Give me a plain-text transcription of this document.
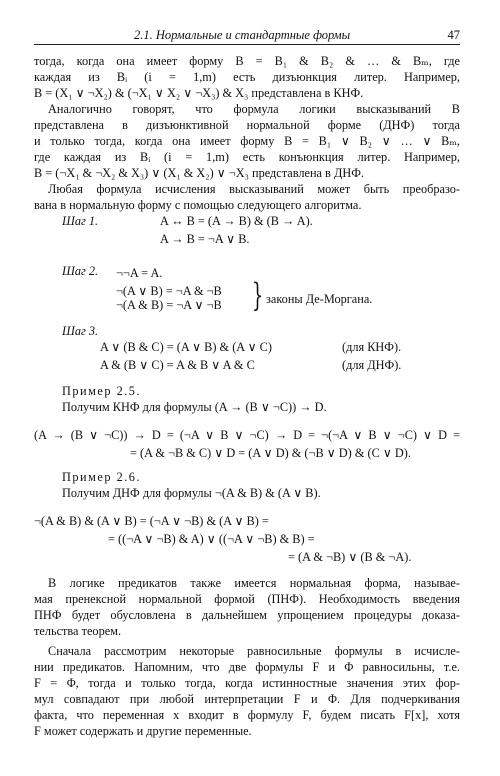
2.1. Нормальные и стандартные формы	47
тогда, когда она имеет форму B = B₁ & B₂ & … & Bₘ, где
каждая из Bᵢ (i = 1,m) есть дизъюнкция литер. Например,
B = (X₁ ∨ ¬X₂) & (¬X₁ ∨ X₂ ∨ ¬X₃) & X₃ представлена в КНФ.
Аналогично говорят, что формула логики высказываний B
представлена в дизъюнктивной нормальной форме (ДНФ) тогда
и только тогда, когда она имеет форму B = B₁ ∨ B₂ ∨ … ∨ Bₘ,
где каждая из Bᵢ (i = 1,m) есть конъюнкция литер. Например,
B = (¬X₁ & ¬X₂ & X₃) ∨ (X₁ & X₂) ∨ ¬X₃ представлена в ДНФ.
Любая формула исчисления высказываний может быть преобразо-
вана в нормальную форму с помощью следующего алгоритма.
Шаг 1.	A ↔ B = (A → B) & (B → A).
A → B = ¬A ∨ B.
Шаг 2. ¬¬A = A.
¬(A ∨ B) = ¬A & ¬B
¬(A & B) = ¬A ∨ ¬B } законы Де-Моргана.
Шаг 3.
A ∨ (B & C) = (A ∨ B) & (A ∨ C)	(для КНФ).
A & (B ∨ C) = A & B ∨ A & C	(для ДНФ).
Пример 2.5.
Получим КНФ для формулы (A → (B ∨ ¬C)) → D.
(A → (B ∨ ¬C)) → D = (¬A ∨ B ∨ ¬C) → D = ¬(¬A ∨ B ∨ ¬C) ∨ D =
= (A & ¬B & C) ∨ D = (A ∨ D) & (¬B ∨ D) & (C ∨ D).
Пример 2.6.
Получим ДНФ для формулы ¬(A & B) & (A ∨ B).
¬(A & B) & (A ∨ B) = (¬A ∨ ¬B) & (A ∨ B) =
= ((¬A ∨ ¬B) & A) ∨ ((¬A ∨ ¬B) & B) =
= (A & ¬B) ∨ (B & ¬A).
В логике предикатов также имеется нормальная форма, называе-
мая пренексной нормальной формой (ПНФ). Необходимость введения
ПНФ будет обусловлена в дальнейшем упрощением процедуры доказа-
тельства теорем.
Сначала рассмотрим некоторые равносильные формулы в исчисле-
нии предикатов. Напомним, что две формулы F и Φ равносильны, т.е.
F = Φ, тогда и только тогда, когда истинностные значения этих фор-
мул совпадают при любой интерпретации F и Φ. Для подчеркивания
факта, что переменная x входит в формулу F, будем писать F[x], хотя
F может содержать и другие переменные.
